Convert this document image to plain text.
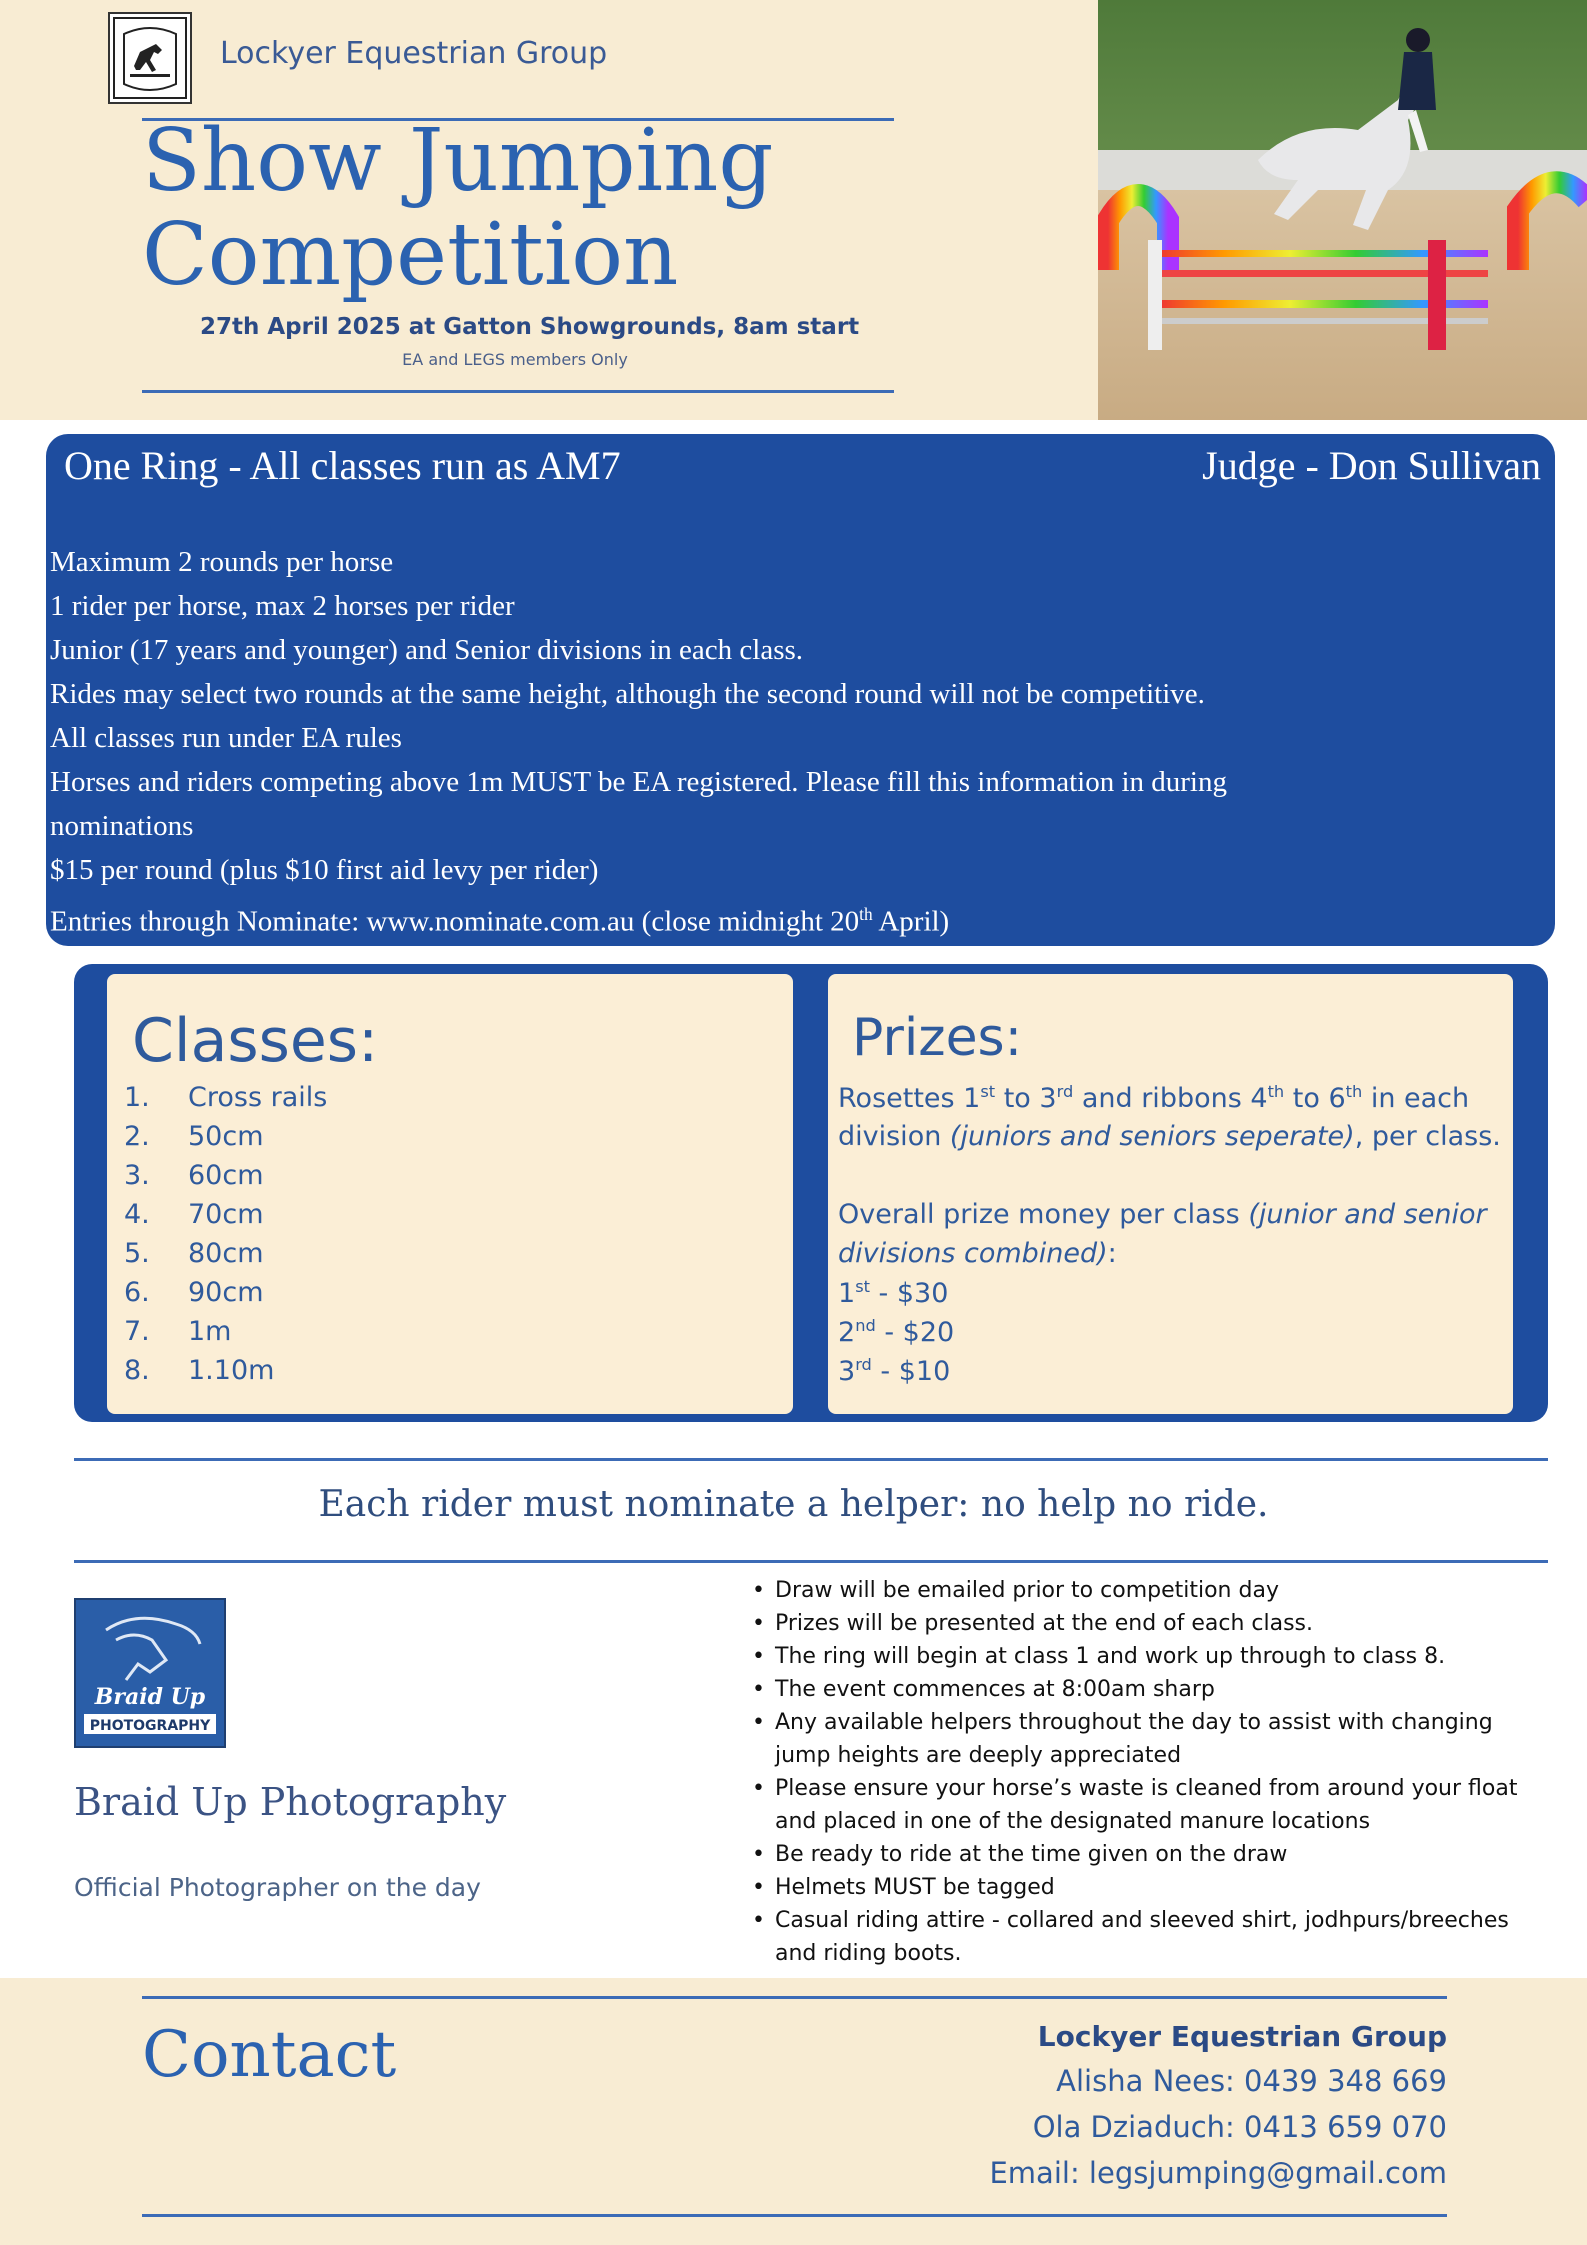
Lockyer Equestrian Group
Show Jumping
Competition
27th April 2025 at Gatton Showgrounds, 8am start
EA and LEGS members Only
One Ring - All classes run as AM7	Judge - Don Sullivan
Maximum 2 rounds per horse
1 rider per horse, max 2 horses per rider
Junior (17 years and younger) and Senior divisions in each class.
Rides may select two rounds at the same height, although the second round will not be competitive.
All classes run under EA rules
Horses and riders competing above 1m MUST be EA registered. Please fill this information in during
nominations
$15 per round (plus $10 first aid levy per rider)
Entries through Nominate: www.nominate.com.au (close midnight 20th April)
Classes:	Prizes:
1. Cross rails
2. 50cm
3. 60cm
4. 70cm
5. 80cm
6. 90cm
7. 1m
8. 1.10m
Rosettes 1st to 3rd and ribbons 4th to 6th in each
division (juniors and seniors seperate), per class.
Overall prize money per class (junior and senior
divisions combined):
1st - $30
2nd - $20
3rd - $10
Each rider must nominate a helper: no help no ride.
Braid Up
PHOTOGRAPHY
Braid Up Photography
Official Photographer on the day
• Draw will be emailed prior to competition day
• Prizes will be presented at the end of each class.
• The ring will begin at class 1 and work up through to class 8.
• The event commences at 8:00am sharp
• Any available helpers throughout the day to assist with changing
jump heights are deeply appreciated
• Please ensure your horse’s waste is cleaned from around your float
and placed in one of the designated manure locations
• Be ready to ride at the time given on the draw
• Helmets MUST be tagged
• Casual riding attire - collared and sleeved shirt, jodhpurs/breeches
and riding boots.
Contact	Lockyer Equestrian Group
Alisha Nees: 0439 348 669
Ola Dziaduch: 0413 659 070
Email: legsjumping@gmail.com
